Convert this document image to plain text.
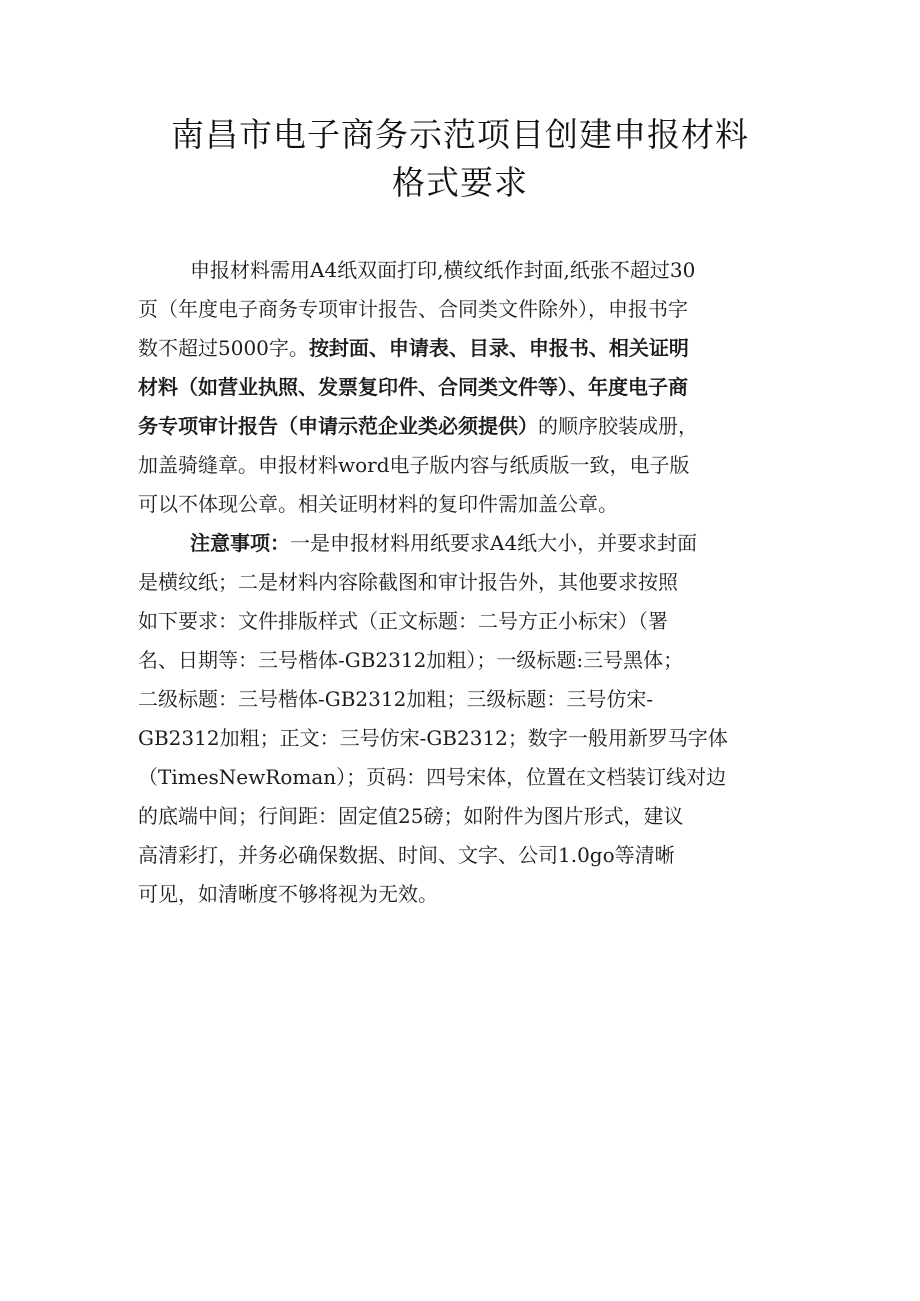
南昌市电子商务示范项目创建申报材料
格式要求
申报材料需用A4纸双面打印,横纹纸作封面,纸张不超过30
页（年度电子商务专项审计报告、合同类文件除外），申报书字
数不超过5000字。按封面、申请表、目录、申报书、相关证明
材料（如营业执照、发票复印件、合同类文件等）、年度电子商
务专项审计报告（申请示范企业类必须提供）的顺序胶装成册，
加盖骑缝章。申报材料word电子版内容与纸质版一致，电子版
可以不体现公章。相关证明材料的复印件需加盖公章。
注意事项：一是申报材料用纸要求A4纸大小，并要求封面
是横纹纸；二是材料内容除截图和审计报告外，其他要求按照
如下要求：文件排版样式（正文标题：二号方正小标宋）（署
名、日期等：三号楷体-GB2312加粗）；一级标题:三号黑体；
二级标题：三号楷体-GB2312加粗；三级标题：三号仿宋-
GB2312加粗；正文：三号仿宋-GB2312；数字一般用新罗马字体
（TimesNewRoman）；页码：四号宋体，位置在文档装订线对边
的底端中间；行间距：固定值25磅；如附件为图片形式，建议
高清彩打，并务必确保数据、时间、文字、公司1.0go等清晰
可见，如清晰度不够将视为无效。
